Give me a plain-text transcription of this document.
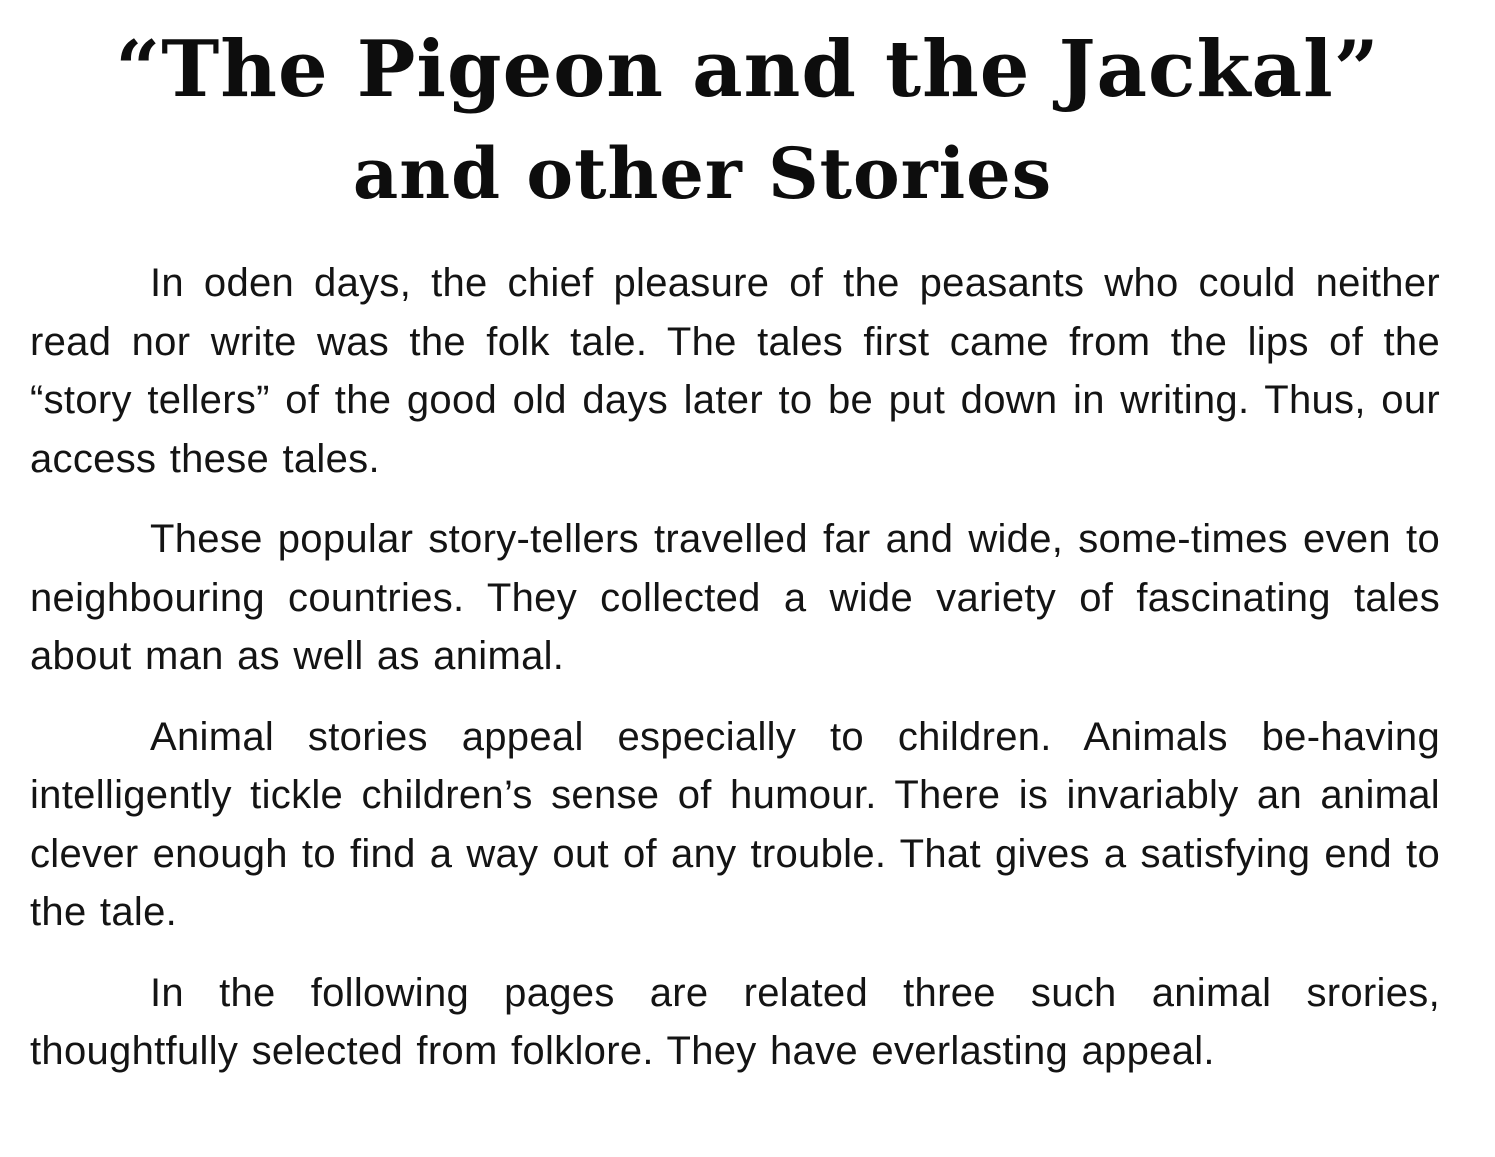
“The Pigeon and the Jackal”
and other Stories

In oden days, the chief pleasure of the peasants who could neither read nor write was the folk tale. The tales first came from the lips of the “story tellers” of the good old days later to be put down in writing. Thus, our access these tales.

These popular story-tellers travelled far and wide, some-times even to neighbouring countries. They collected a wide variety of fascinating tales about man as well as animal.

Animal stories appeal especially to children. Animals be-having intelligently tickle children’s sense of humour. There is invariably an animal clever enough to find a way out of any trouble. That gives a satisfying end to the tale.

In the following pages are related three such animal srories, thoughtfully selected from folklore. They have everlasting appeal.
